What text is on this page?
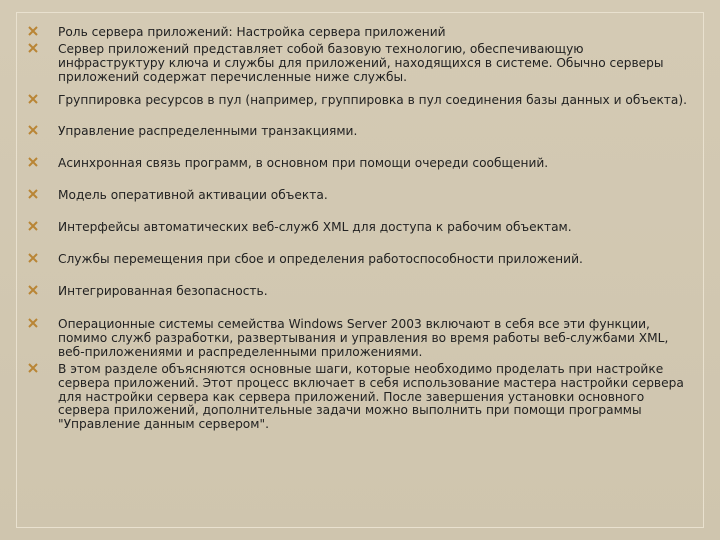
Роль сервера приложений: Настройка сервера приложений
Сервер приложений представляет собой базовую технологию, обеспечивающую инфраструктуру ключа и службы для приложений, находящихся в системе. Обычно серверы приложений содержат перечисленные ниже службы.
Группировка ресурсов в пул (например, группировка в пул соединения базы данных и объекта).
Управление распределенными транзакциями.
Асинхронная связь программ, в основном при помощи очереди сообщений.
Модель оперативной активации объекта.
Интерфейсы автоматических веб-служб XML для доступа к рабочим объектам.
Службы перемещения при сбое и определения работоспособности приложений.
Интегрированная безопасность.
Операционные системы семейства Windows Server 2003 включают в себя все эти функции, помимо служб разработки, развертывания и управления во время работы веб-службами XML, веб-приложениями и распределенными приложениями.
В этом разделе объясняются основные шаги, которые необходимо проделать при настройке сервера приложений. Этот процесс включает в себя использование мастера настройки сервера для настройки сервера как сервера приложений. После завершения установки основного сервера приложений, дополнительные задачи можно выполнить при помощи программы "Управление данным сервером".
